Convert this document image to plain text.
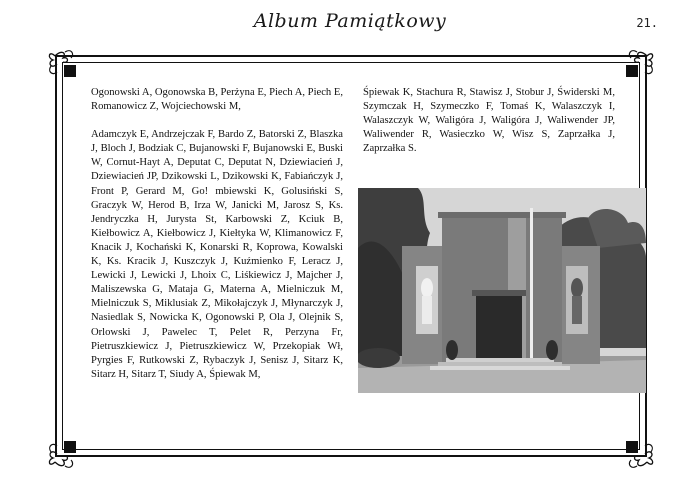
Album Pamiątkowy	21.

Ogonowski A, Ogonowska B, Perżyna E, Piech A, Piech E, Romanowicz Z, Wojciechowski M,

Adamczyk E, Andrzejczak F, Bardo Z, Batorski Z, Blaszka J, Bloch J, Bodziak C, Bujanowski F, Bujanowski E, Buski W, Cornut-Hayt A, Deputat C, Deputat N, Dziewiacień J, Dziewiacień JP, Dzikowski L, Dzikowski K, Fabiańczyk J, Front P, Gerard M, Go! mbiewski K, Golusiński S, Graczyk W, Herod B, Irza W, Janicki M, Jarosz S, Ks. Jendryczka H, Jurysta St, Karbowski Z, Kciuk B, Kiełbowicz A, Kiełbowicz J, Kiełtyka W, Klimanowicz F, Knacik J, Kochański K, Konarski R, Koprowa, Kowalski K, Ks. Kracik J, Kuszczyk J, Kuźmienko F, Leracz J, Lewicki J, Lewicki J, Lhoix C, Liśkiewicz J, Majcher J, Maliszewska G, Mataja G, Materna A, Mielniczuk M, Mielniczuk S, Miklusiak Z, Mikołajczyk J, Młynarczyk J, Nasiedlak S, Nowicka K, Ogonowski P, Ola J, Olejnik S, Orlowski J, Pawelec T, Pelet R, Perzyna Fr, Pietruszkiewicz J, Pietruszkiewicz W, Przekopiak Wł, Pyrgies F, Rutkowski Z, Rybaczyk J, Senisz J, Sitarz K, Sitarz H, Sitarz T, Siudy A, Śpiewak M,

Śpiewak K, Stachura R, Stawisz J, Stobur J, Świderski M, Szymczak H, Szymeczko F, Tomaś K, Walaszczyk I, Walaszczyk W, Waligóra J, Waligóra J, Waliwender JP, Waliwender R, Wasieczko W, Wisz S, Zaprzałka J, Zaprzałka S.
